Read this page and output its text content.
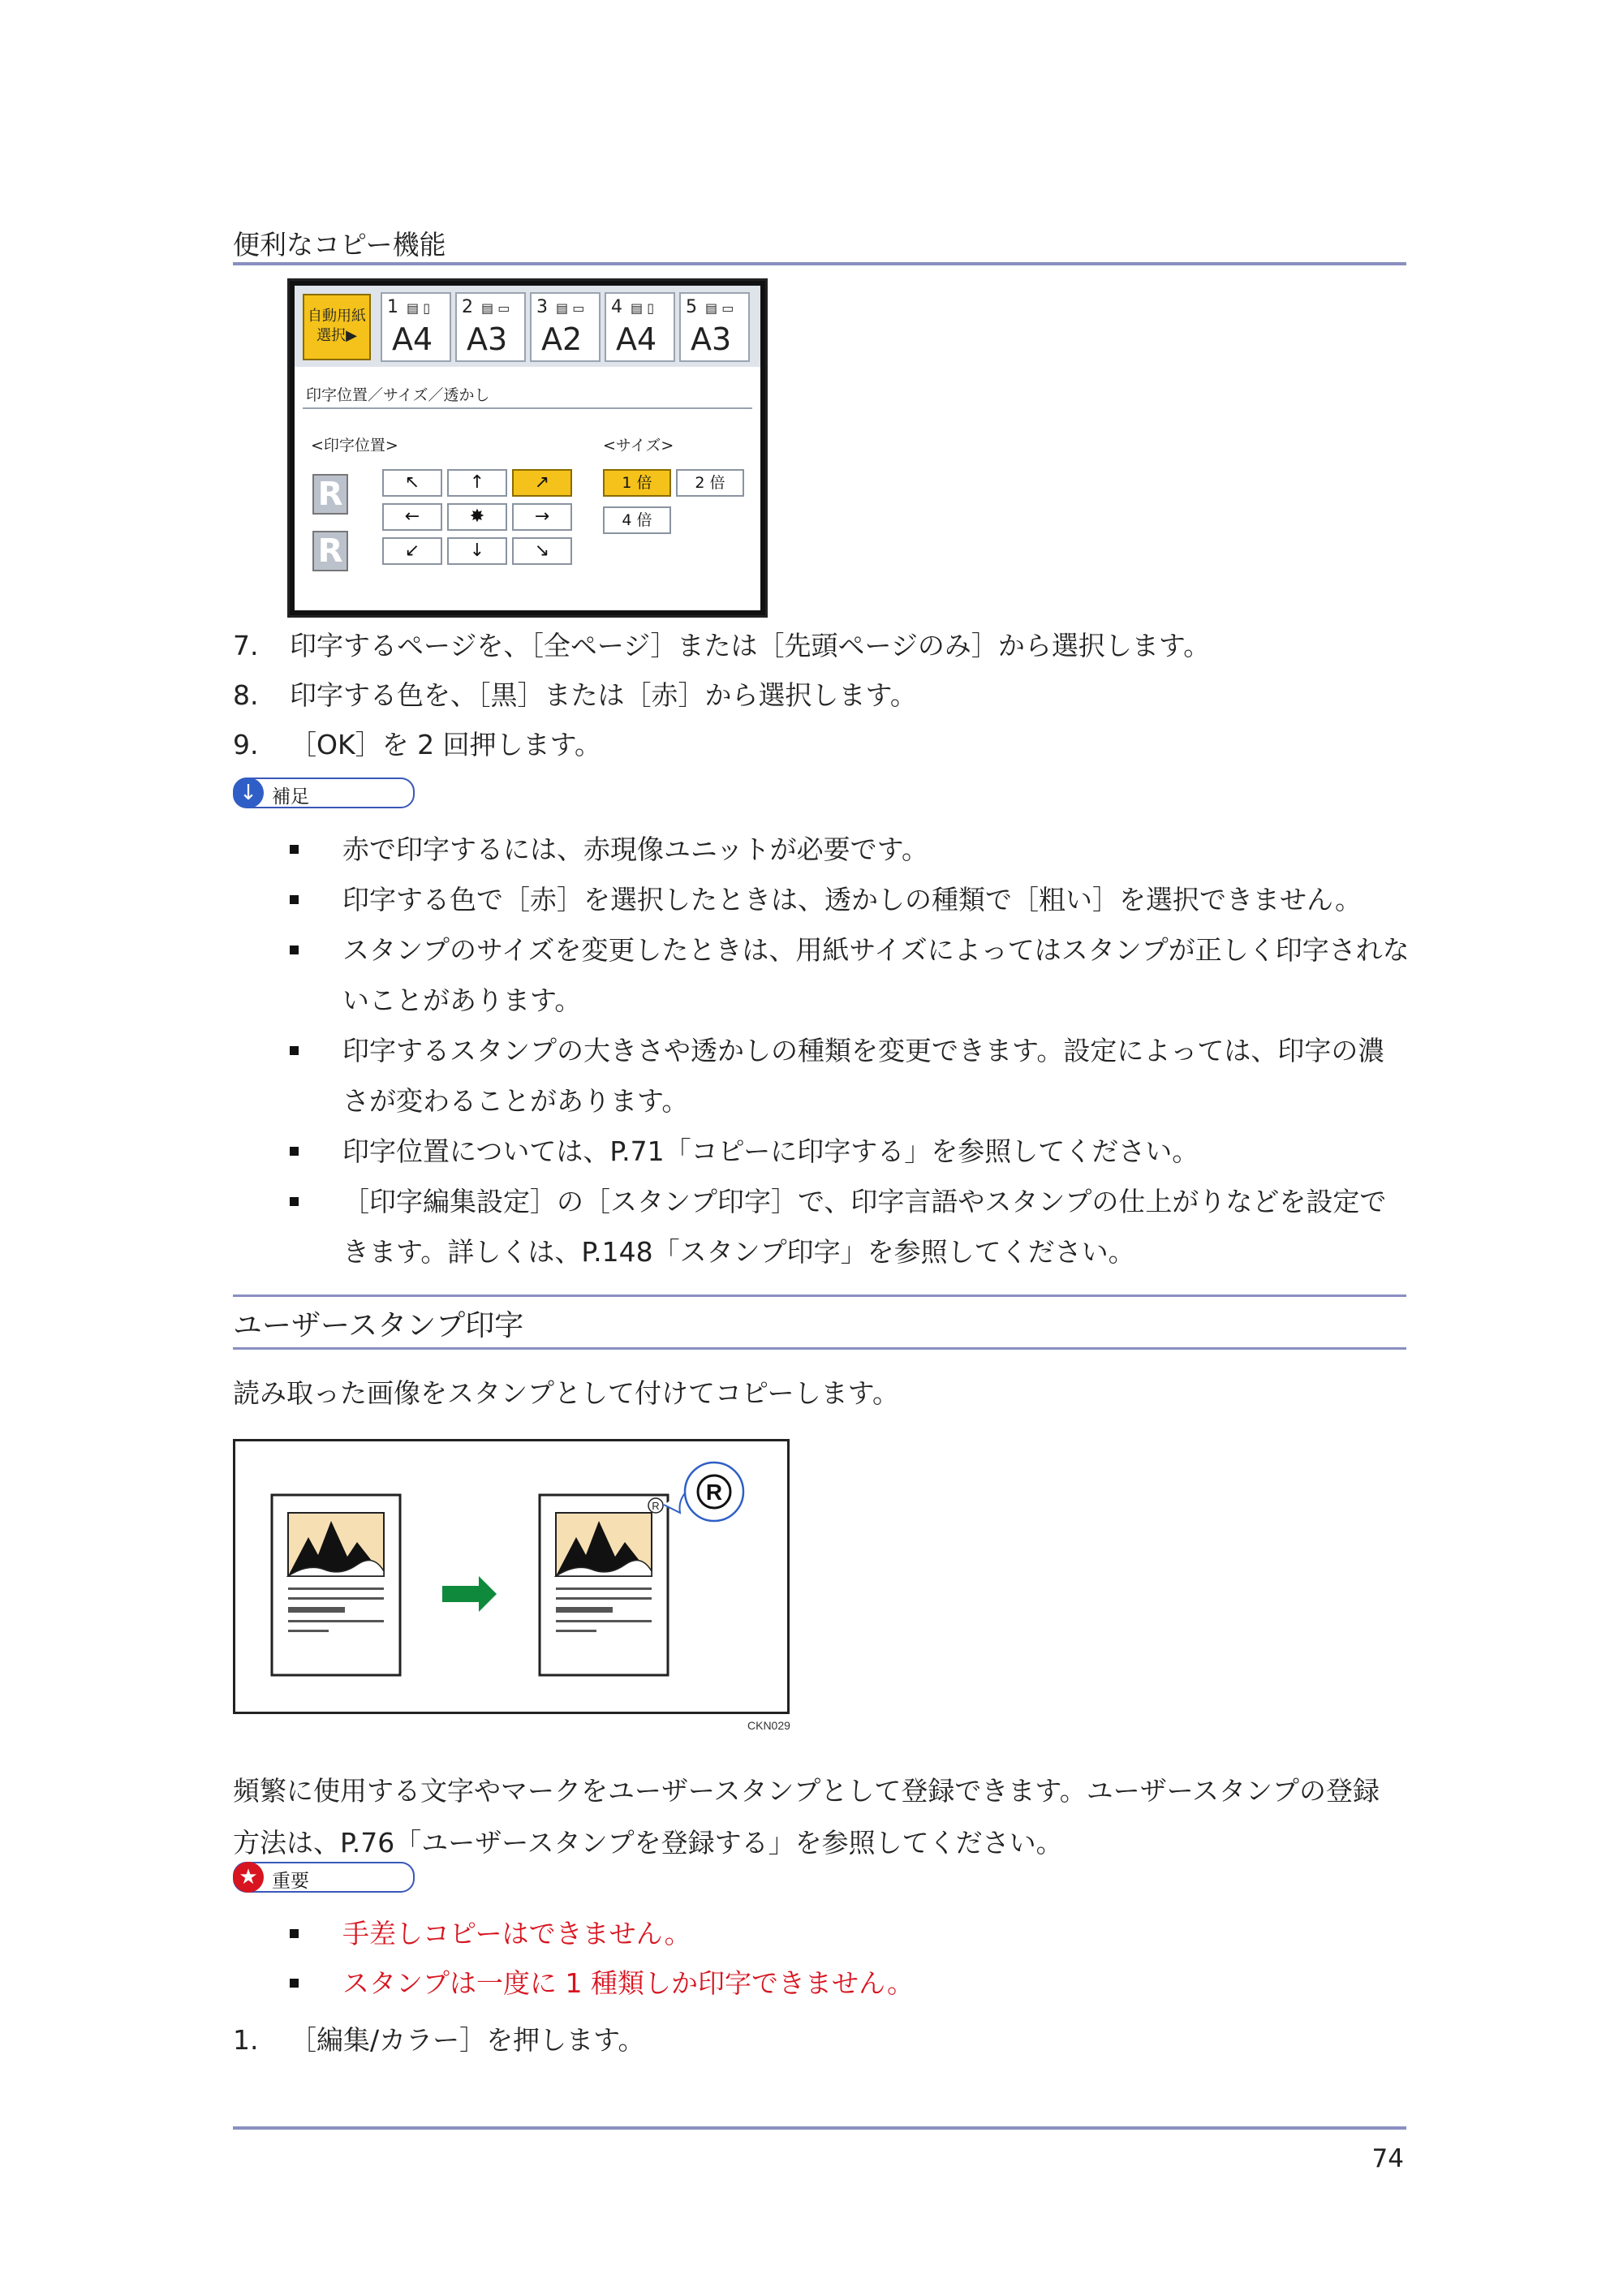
便利なコピー機能
自動用紙選択▶
1 ▤ ▯
A4
2 ▤ ▭
A3
3 ▤ ▭
A2
4 ▤ ▯
A4
5 ▤ ▭
A3
印字位置／サイズ／透かし
<印字位置>	<サイズ>
R
R
↖	↑	↗
←	✸	→
↙	↓	↘
1 倍	2 倍
4 倍
7. 印字するページを、［全ページ］または［先頭ページのみ］から選択します。
8. 印字する色を、［黒］または［赤］から選択します。
9. ［OK］を 2 回押します。
↓ 補足
赤で印字するには、赤現像ユニットが必要です。
印字する色で［赤］を選択したときは、透かしの種類で［粗い］を選択できません。
スタンプのサイズを変更したときは、用紙サイズによってはスタンプが正しく印字されないことがあります。
印字するスタンプの大きさや透かしの種類を変更できます。設定によっては、印字の濃さが変わることがあります。
印字位置については、P.71「コピーに印字する」を参照してください。
［印字編集設定］の［スタンプ印字］で、印字言語やスタンプの仕上がりなどを設定できます。詳しくは、P.148「スタンプ印字」を参照してください。
ユーザースタンプ印字
読み取った画像をスタンプとして付けてコピーします。
R
R
CKN029
頻繁に使用する文字やマークをユーザースタンプとして登録できます。ユーザースタンプの登録方法は、P.76「ユーザースタンプを登録する」を参照してください。
★ 重要
手差しコピーはできません。
スタンプは一度に 1 種類しか印字できません。
1. ［編集/カラー］を押します。
74
